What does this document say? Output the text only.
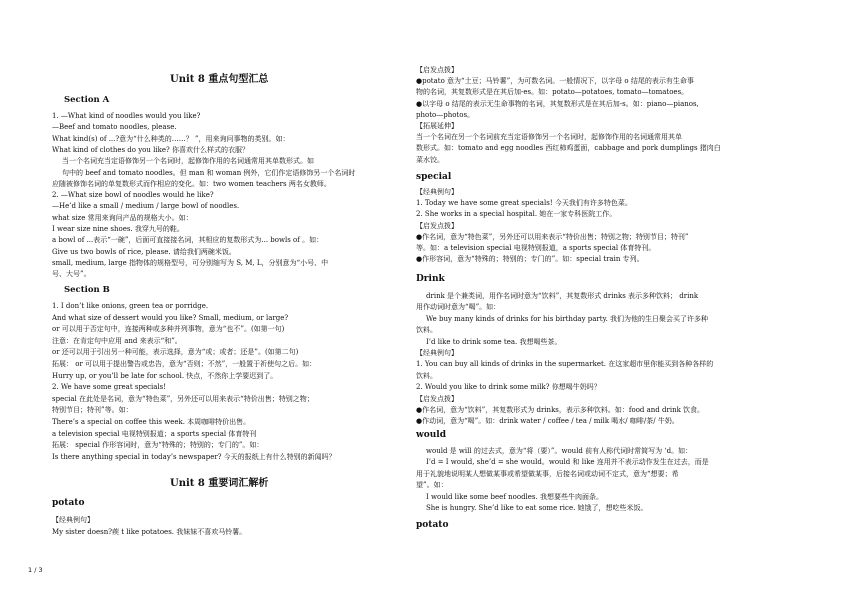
Unit 8 重点句型汇总
Section A
1. —What kind of noodles would you like?
—Beef and tomato noodles, please.
What kind(s) of ...?意为“什么种类的……？ ”，用来询问事物的类别。如：
What kind of clothes do you like? 你喜欢什么样式的衣服？
当一个名词充当定语修饰另一个名词时，起修饰作用的名词通常用其单数形式。如
句中的 beef and tomato noodles。但 man 和 woman 例外，它们作定语修饰另一个名词时
应随被修饰名词的单复数形式而作相应的变化。如：two women teachers 两名女教师。
2. —What size bowl of noodles would he like?
—He’d like a small / medium / large bowl of noodles.
what size 常用来询问产品的规格大小。如：
I wear size nine shoes. 我穿九号的鞋。
a bowl of ...表示“一碗”，后面可直接接名词，其相应的复数形式为... bowls of 。如：
Give us two bowls of rice, please. 请给我们两碗米饭。
small, medium, large 指物体的规格型号，可分别缩写为 S, M, L，分别意为“小号、中
号、大号”。
Section B
1. I don’t like onions, green tea or porridge.
And what size of dessert would you like? Small, medium, or large?
or 可以用于否定句中，连接两种或多种并列事物，意为“也不”。(如第一句)
注意：在肯定句中应用 and 来表示“和”。
or 还可以用于引出另一种可能，表示选择，意为“或；或者；还是”。(如第二句)
拓展： or 可以用于提出警告或忠告，意为“否则；不然”，一般置于祈使句之后。如：
Hurry up, or you’ll be late for school. 快点，不然你上学要迟到了。
2. We have some great specials!
special 在此处是名词，意为“特色菜”，另外还可以用来表示“特价出售；特别之物；
特别节目；特刊”等。如：
There’s a special on coffee this week. 本周咖啡特价出售。
a television special 电视特别报道；a sports special 体育特刊
拓展： special 作形容词时，意为“特殊的；特别的；专门的”。如：
Is there anything special in today’s newspaper? 今天的报纸上有什么特别的新闻吗？
Unit 8 重要词汇解析
potato
【经典例句】
My sister doesn?蒺 t like potatoes. 我妹妹不喜欢马铃薯。
【启发点拨】
●potato 意为“土豆；马铃薯”，为可数名词。一般情况下，以字母 o 结尾的表示有生命事
物的名词，其复数形式是在其后加-es。如：potato—potatoes, tomato—tomatoes。
●以字母 o 结尾的表示无生命事物的名词，其复数形式是在其后加-s。如：piano—pianos,
photo—photos。
【拓展延伸】
当一个名词在另一个名词前充当定语修饰另一个名词时，起修饰作用的名词通常用其单
数形式。如：tomato and egg noodles 西红柿鸡蛋面，cabbage and pork dumplings 猪肉白
菜水饺。
special
【经典例句】
1. Today we have some great specials! 今天我们有许多特色菜。
2. She works in a special hospital. 她在一家专科医院工作。
【启发点拨】
●作名词，意为“特色菜”，另外还可以用来表示“特价出售；特别之物；特别节目；特刊”
等。如：a television special 电视特别报道，a sports special 体育特刊。
●作形容词，意为“特殊的；特别的；专门的”。如：special train 专列。
Drink
drink 是个兼类词，用作名词时意为“饮料”，其复数形式 drinks 表示多种饮料； drink
用作动词时意为“喝”。如：
We buy many kinds of drinks for his birthday party. 我们为他的生日聚会买了许多种
饮料。
I’d like to drink some tea. 我想喝些茶。
【经典例句】
1. You can buy all kinds of drinks in the supermarket. 在这家超市里你能买到各种各样的
饮料。
2. Would you like to drink some milk? 你想喝牛奶吗？
【启发点拨】
●作名词，意为“饮料”，其复数形式为 drinks，表示多种饮料。如：food and drink 饮食。
●作动词，意为“喝”。如：drink water / coffee / tea / milk 喝水/ 咖啡/茶/ 牛奶。
would
would 是 will 的过去式，意为“将（要）”。would 前有人称代词时常简写为 ‘d。如：
I’d = I would, she’d = she would。would 和 like 连用并不表示动作发生在过去，而是
用于礼貌地说明某人想做某事或希望做某事，后接名词或动词不定式，意为“想要；希
望”。如：
I would like some beef noodles. 我想要些牛肉面条。
She is hungry. She’d like to eat some rice. 她饿了，想吃些米饭。
potato
1 / 3
